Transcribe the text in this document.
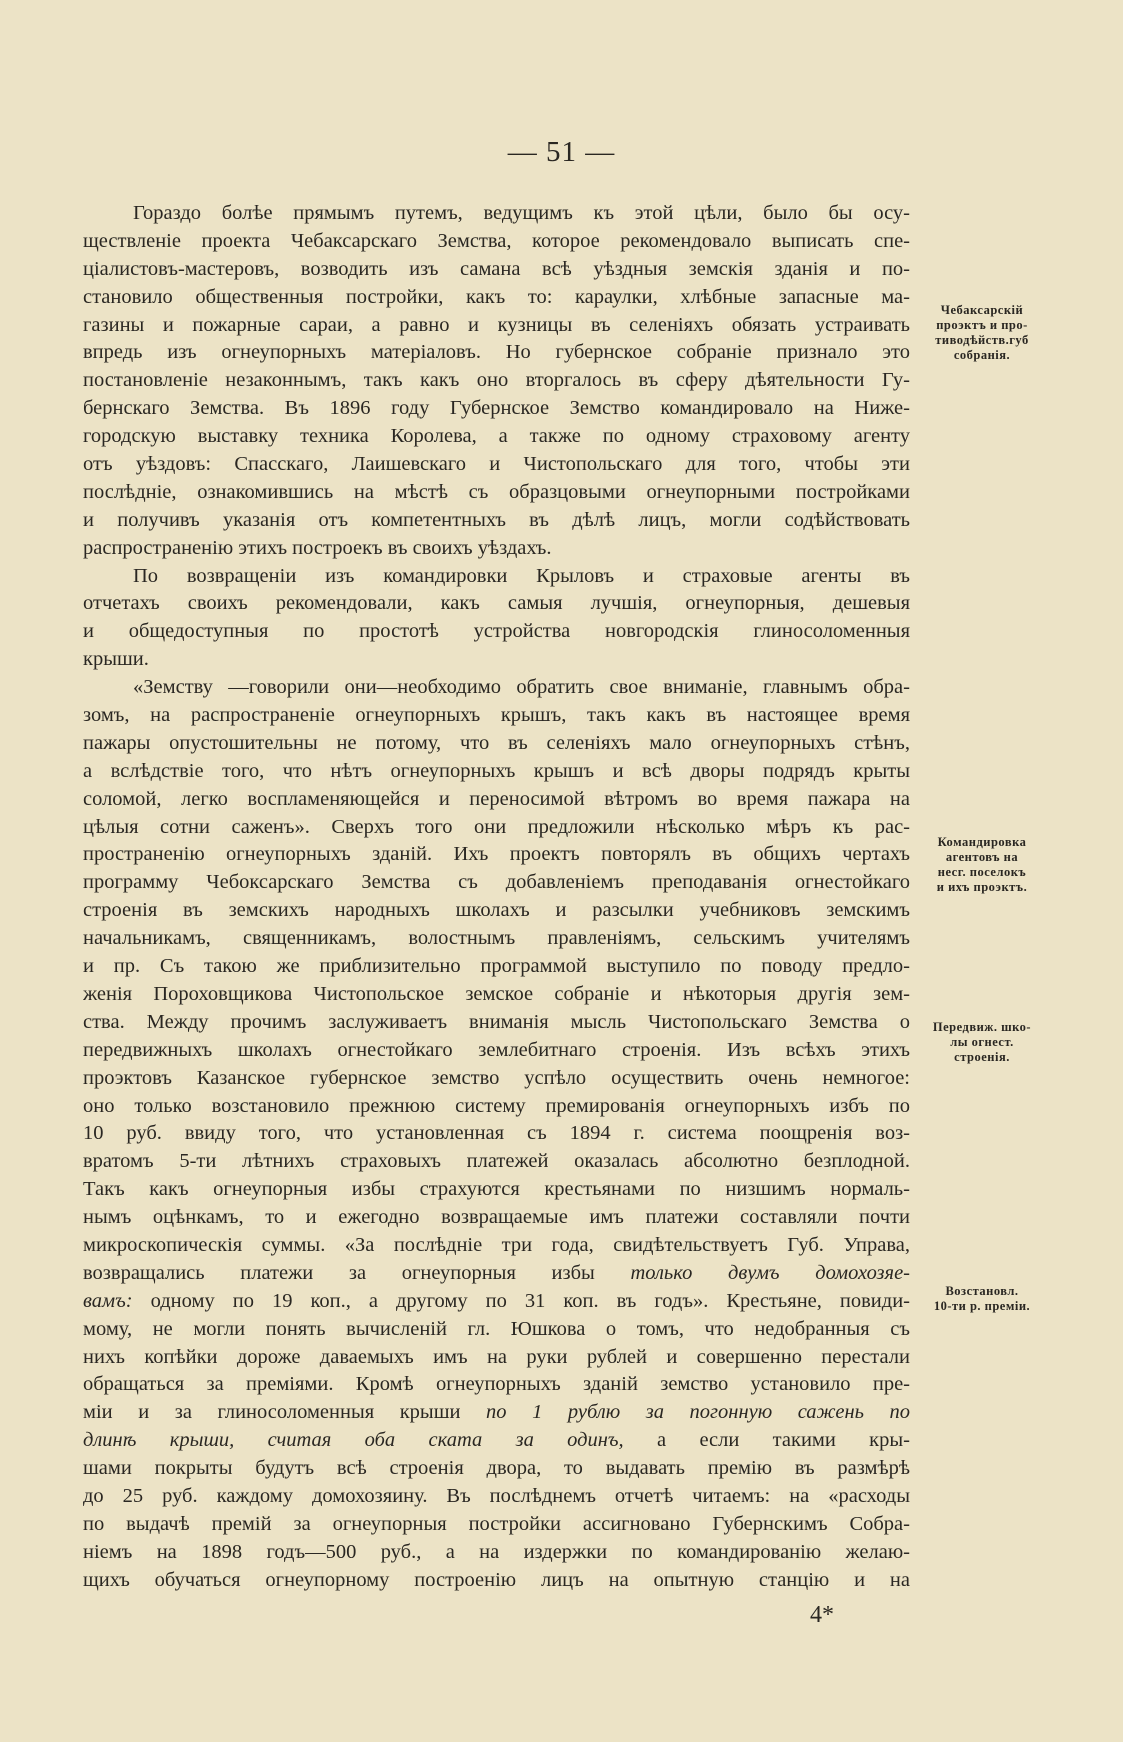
— 51 —
Гораздо болѣе прямымъ путемъ, ведущимъ къ этой цѣли, было бы осу-
ществленіе проекта Чебаксарскаго Земства, которое рекомендовало выписать спе-
ціалистовъ-мастеровъ, возводить изъ самана всѣ уѣздныя земскія зданія и по-
становило общественныя постройки, какъ то: караулки, хлѣбные запасные ма-
газины и пожарные сараи, а равно и кузницы въ селеніяхъ обязать устраивать
впредь изъ огнеупорныхъ матеріаловъ. Но губернское собраніе признало это
постановленіе незаконнымъ, такъ какъ оно вторгалось въ сферу дѣятельности Гу-
бернскаго Земства. Въ 1896 году Губернское Земство командировало на Ниже-
городскую выставку техника Королева, а также по одному страховому агенту
отъ уѣздовъ: Спасскаго, Лаишевскаго и Чистопольскаго для того, чтобы эти
послѣдніе, ознакомившись на мѣстѣ съ образцовыми огнеупорными постройками
и получивъ указанія отъ компетентныхъ въ дѣлѣ лицъ, могли содѣйствовать
распространенію этихъ построекъ въ своихъ уѣздахъ.
По возвращеніи изъ командировки Крыловъ и страховые агенты въ
отчетахъ своихъ рекомендовали, какъ самыя лучшія, огнеупорныя, дешевыя
и общедоступныя по простотѣ устройства новгородскія глиносоломенныя
крыши.
«Земству —говорили они—необходимо обратить свое вниманіе, главнымъ обра-
зомъ, на распространеніе огнеупорныхъ крышъ, такъ какъ въ настоящее время
пажары опустошительны не потому, что въ селеніяхъ мало огнеупорныхъ стѣнъ,
а вслѣдствіе того, что нѣтъ огнеупорныхъ крышъ и всѣ дворы подрядъ крыты
соломой, легко воспламеняющейся и переносимой вѣтромъ во время пажара на
цѣлыя сотни саженъ». Сверхъ того они предложили нѣсколько мѣръ къ рас-
пространенію огнеупорныхъ зданій. Ихъ проектъ повторялъ въ общихъ чертахъ
программу Чебоксарскаго Земства съ добавленіемъ преподаванія огнестойкаго
строенія въ земскихъ народныхъ школахъ и разсылки учебниковъ земскимъ
начальникамъ, священникамъ, волостнымъ правленіямъ, сельскимъ учителямъ
и пр. Съ такою же приблизительно программой выступило по поводу предло-
женія Пороховщикова Чистопольское земское собраніе и нѣкоторыя другія зем-
ства. Между прочимъ заслуживаетъ вниманія мысль Чистопольскаго Земства о
передвижныхъ школахъ огнестойкаго землебитнаго строенія. Изъ всѣхъ этихъ
проэктовъ Казанское губернское земство успѣло осуществить очень немногое:
оно только возстановило прежнюю систему премированія огнеупорныхъ избъ по
10 руб. ввиду того, что установленная съ 1894 г. система поощренія воз-
вратомъ 5-ти лѣтнихъ страховыхъ платежей оказалась абсолютно безплодной.
Такъ какъ огнеупорныя избы страхуются крестьянами по низшимъ нормаль-
нымъ оцѣнкамъ, то и ежегодно возвращаемые имъ платежи составляли почти
микроскопическія суммы. «За послѣдніе три года, свидѣтельствуетъ Губ. Управа,
возвращались платежи за огнеупорныя избы только двумъ домохозяе-
вамъ: одному по 19 коп., а другому по 31 коп. въ годъ». Крестьяне, повиди-
мому, не могли понять вычисленій гл. Юшкова о томъ, что недобранныя съ
нихъ копѣйки дороже даваемыхъ имъ на руки рублей и совершенно перестали
обращаться за преміями. Кромѣ огнеупорныхъ зданій земство установило пре-
міи и за глиносоломенныя крыши по 1 рублю за погонную сажень по
длинѣ крыши, считая оба ската за одинъ, а если такими кры-
шами покрыты будутъ всѣ строенія двора, то выдавать премію въ размѣрѣ
до 25 руб. каждому домохозяину. Въ послѣднемъ отчетѣ читаемъ: на «расходы
по выдачѣ премій за огнеупорныя постройки ассигновано Губернскимъ Собра-
ніемъ на 1898 годъ—500 руб., а на издержки по командированію желаю-
щихъ обучаться огнеупорному построенію лицъ на опытную станцію и на
Чебаксарскій
проэктъ и про-
тиводѣйств.губ
собранія.
Командировка
агентовъ на
несг. поселокъ
и ихъ проэктъ.
Передвиж. шко-
лы огнест.
строенія.
Возстановл.
10-ти р. преміи.
4*
